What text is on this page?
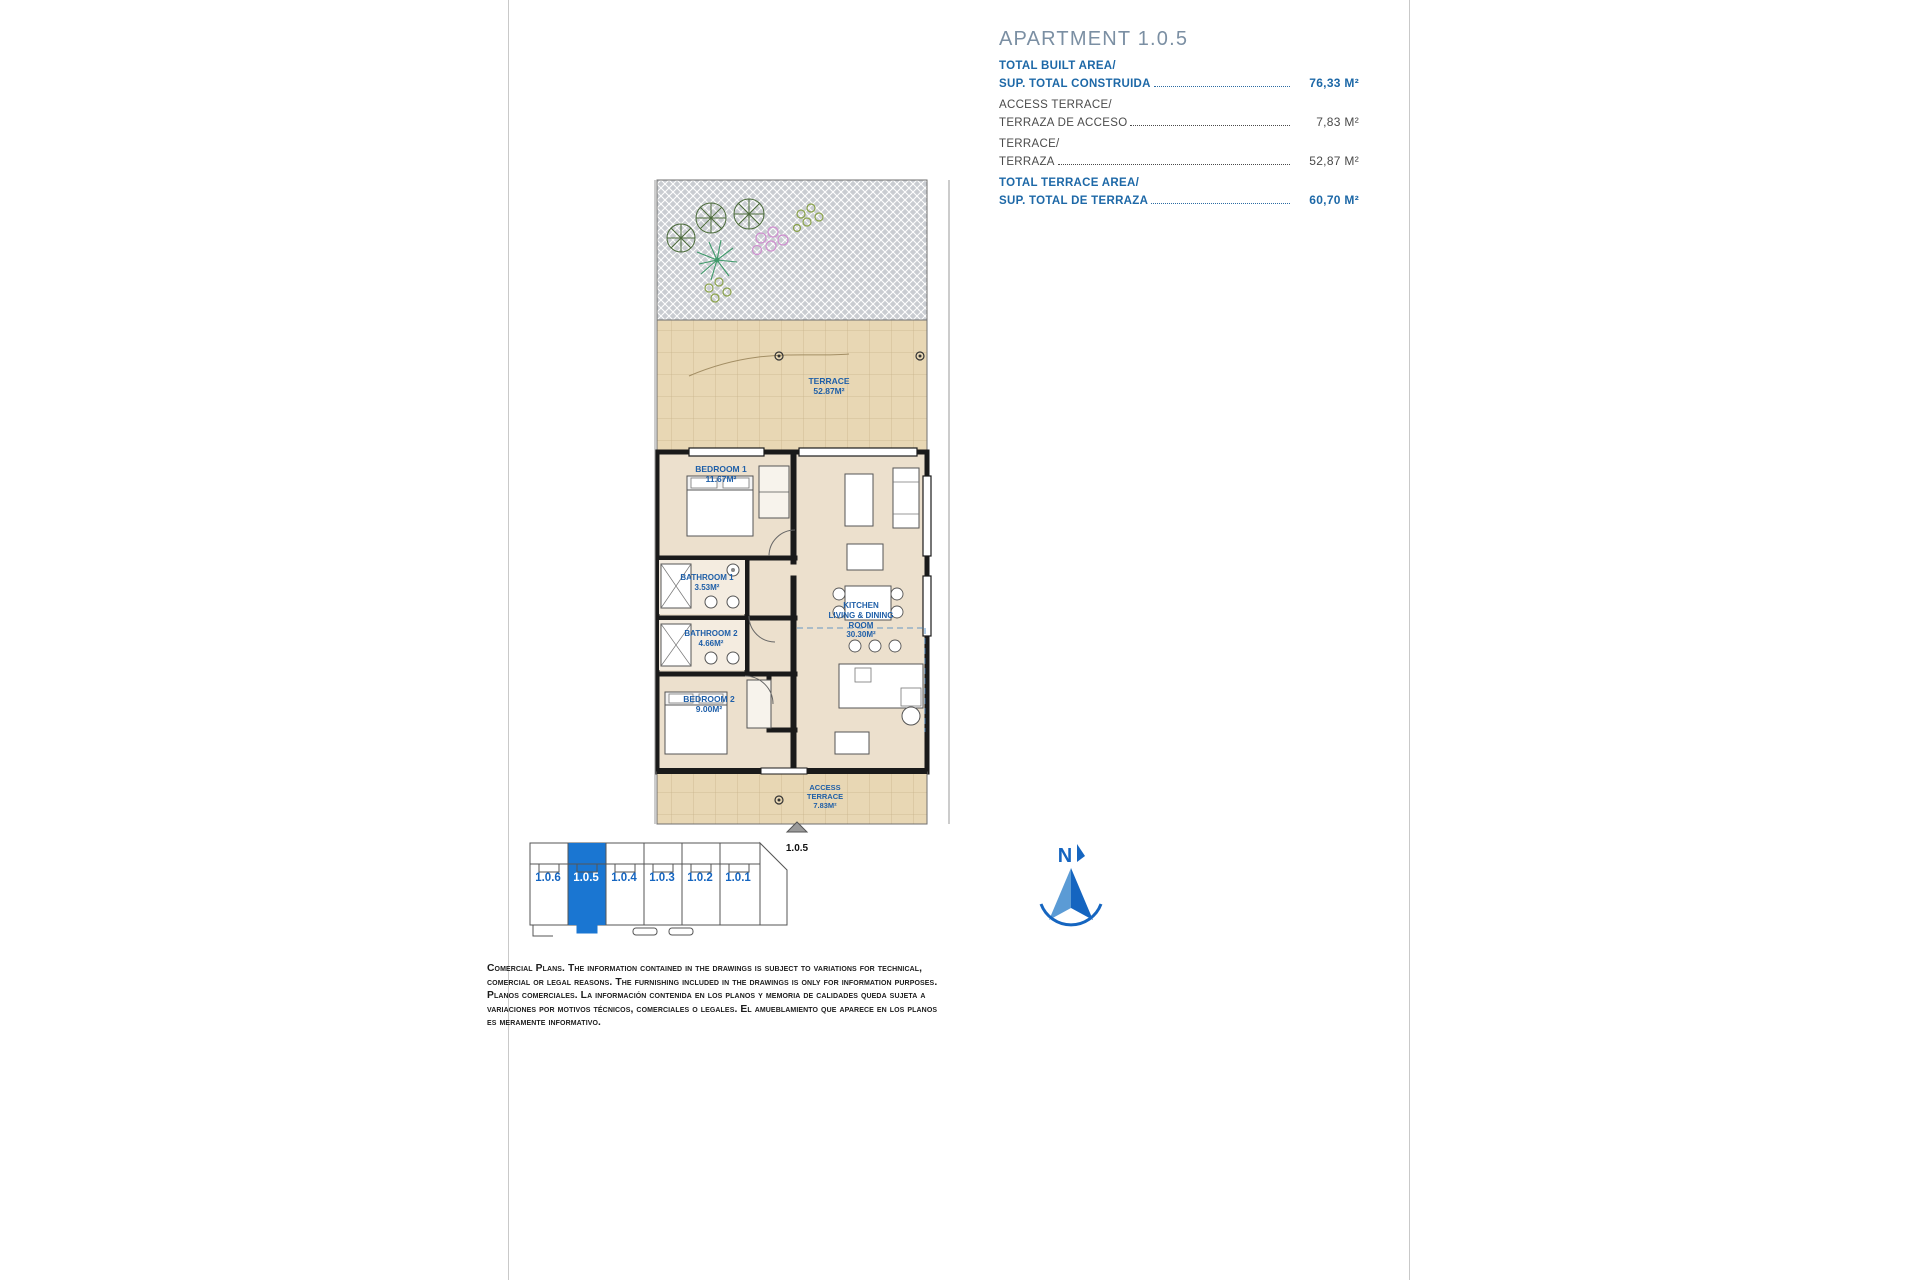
APARTMENT 1.0.5
TOTAL BUILT AREA/
SUP. TOTAL CONSTRUIDA	76,33 M²
ACCESS TERRACE/
TERRAZA DE ACCESO	7,83 M²
TERRACE/
TERRAZA	52,87 M²
TOTAL TERRACE AREA/
SUP. TOTAL DE TERRAZA	60,70 M²
TERRACE
52.87M²
BEDROOM 1
11.67M²
BATHROOM 1
3.53M²
BATHROOM 2
4.66M²
BEDROOM 2
9.00M²
KITCHEN
LIVING & DINING
ROOM
30.30M²
ACCESS
TERRACE
7.83M²
1.0.5
1.0.6	1.0.5	1.0.4	1.0.3	1.0.2	1.0.1
N

Comercial Plans. The information contained in the drawings is subject to variations for technical,

comercial or legal reasons. The furnishing included in the drawings is only for information purposes.

Planos comerciales. La información contenida en los planos y memoria de calidades queda sujeta a

variaciones por motivos técnicos, comerciales o legales. El amueblamiento que aparece en los planos

es meramente informativo.
